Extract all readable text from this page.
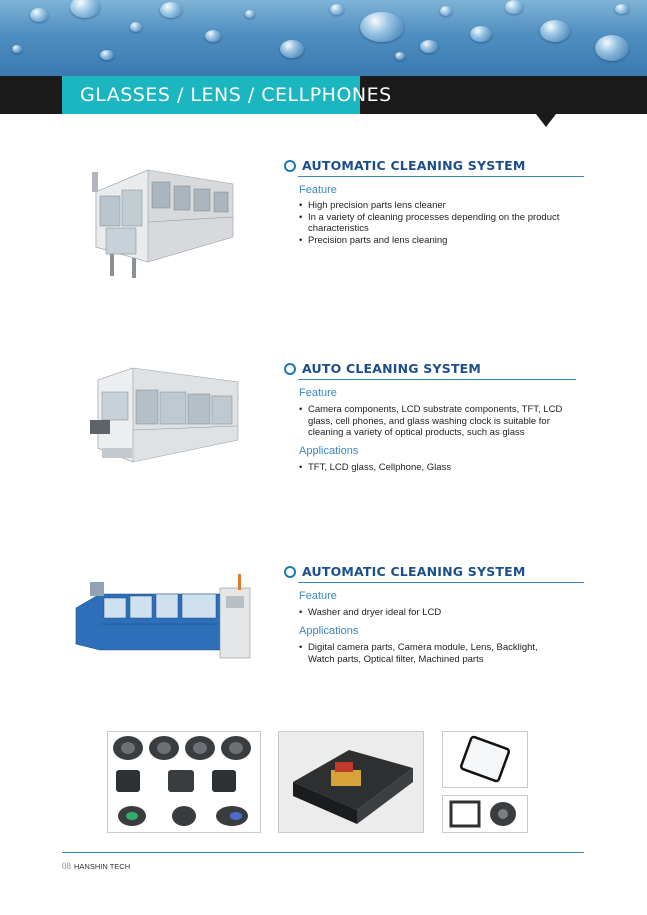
GLASSES / LENS / CELLPHONES
AUTOMATIC CLEANING SYSTEM
Feature
• High precision parts lens cleaner
• In a variety of cleaning processes depending on the product characteristics
• Precision parts and lens cleaning
AUTO CLEANING SYSTEM
Feature
• Camera components, LCD substrate components, TFT, LCD glass, cell phones, and glass washing clock is suitable for cleaning a variety of optical products, such as glass
Applications
• TFT, LCD glass, Cellphone, Glass
AUTOMATIC CLEANING SYSTEM
Feature
• Washer and dryer ideal for LCD
Applications
• Digital camera parts, Camera module, Lens, Backlight, Watch parts, Optical filter, Machined parts
08 HANSHIN TECH
